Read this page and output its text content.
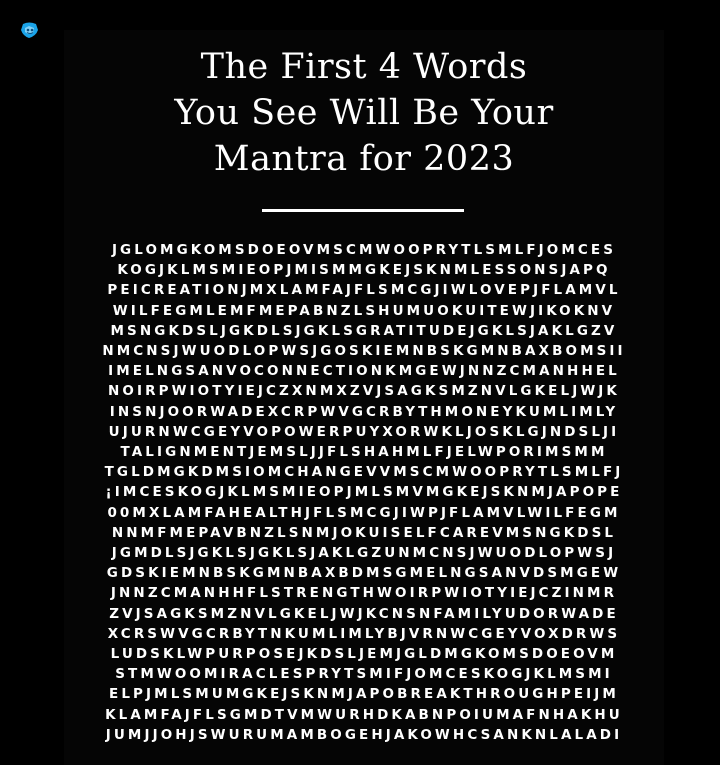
The First 4 Words
You See Will Be Your
Mantra for 2023
JGLOMGKOMSDOEOVMSCMWOOPRYTLSMLFJOMCES
KOGJKLMSMIEOPJMISMMGKEJSKNMLESSONSJAPQ
PEICREATIONJMXLAMFAJFLSMCGJIWLOVEPJFLAMVL
WILFEGMLEMFMEPABNZLSHUMUOKUITEWJIKOKNV
MSNGKDSLJGKDLSJGKLSGRATITUDEJGKLSJAKLGZV
NMCNSJWUODLOPWSJGOSKIEMNBSKGMNBAXBOMSII
IMELNGSANVOCONNECTIONKMGEWJNNZCMANHHEL
NOIRPWIOTYIEJCZXNMXZVJSAGKSMZNVLGKELJWJK
INSNJOORWADEXCRPWVGCRBYTHMONEYKUMLIMLY
UJURNWCGEYVOPOWERPUYXORWKLJOSKLGJNDSLJI
TALIGNMENTJEMSLJJFLSHAHMLFJELWPORIMSMM
TGLDMGKDMSIOMCHANGEVVMSCMWOOPRYTLSMLFJ
¡IMCESKOGJKLMSMIEOPJMLSMVMGKEJSKNMJAPOPE
00MXLAMFAHEALTHJFLSMCGJIWPJFLAMVLWILFEGM
NNMFMEPAVBNZLSNMJOKUISELFCAREVMSNGKDSL
JGMDLSJGKLSJGKLSJAKLGZUNMCNSJWUODLOPWSJ
GDSKIEMNBSKGMNBAXBDMSGMELNGSANVDSMGEW
JNNZCMANHHFLSTRENGTHWOIRPWIOTYIEJCZINMR
ZVJSAGKSMZNVLGKELJWJKCNSNFAMILYUDORWADE
XCRSWVGCRBYTNKUMLIMLYBJVRNWCGEYVOXDRWS
LUDSKLWPURPOSEJKDSLJEMJGLDMGKOMSDOEOVM
STMWOOMIRACLESPRYTSMIFJOMCESKOGJKLMSMI
ELPJMLSMUMGKEJSKNMJAPOBREAKTHROUGHPEIJM
KLAMFAJFLSGMDTVMWURHDKABNPOIUMAFNHAKHU
JUMJJOHJSWURUMAMBOGEHJAKOWHCSANKNLALADI
